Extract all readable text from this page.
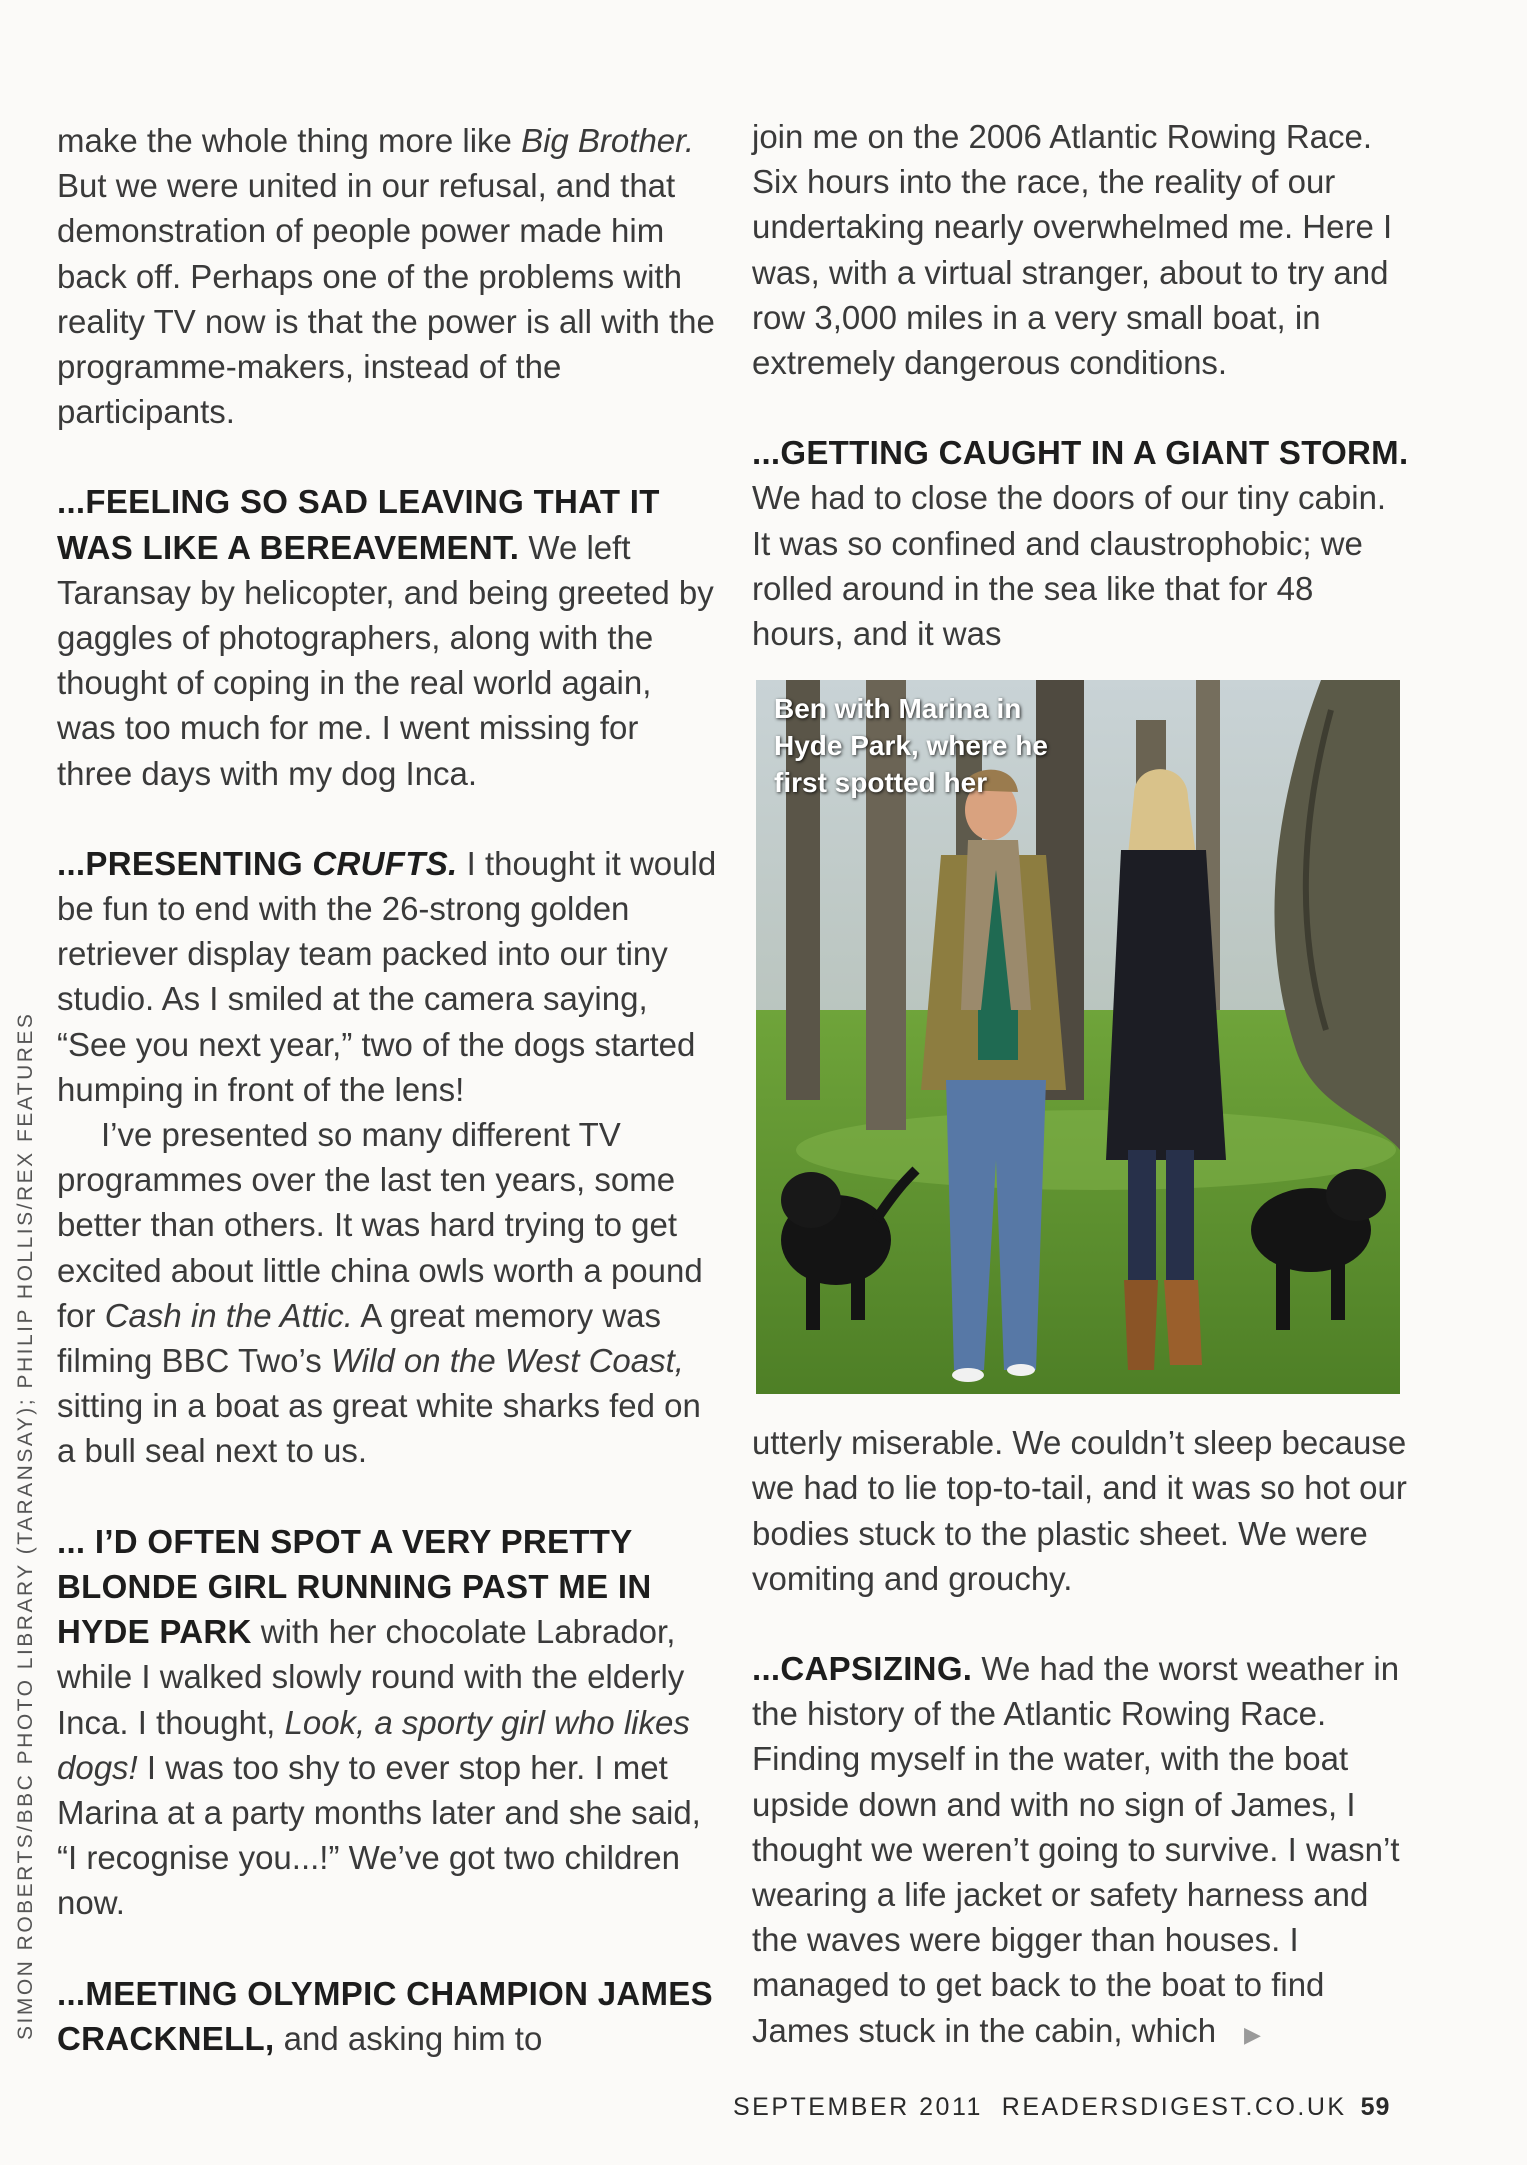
SIMON ROBERTS/BBC PHOTO LIBRARY (TARANSAY); PHILIP HOLLIS/REX FEATURES

make the whole thing more like Big Brother. But we were united in our refusal, and that demonstration of people power made him back off. Perhaps one of the problems with reality TV now is that the power is all with the programme-makers, instead of the participants.

...FEELING SO SAD LEAVING THAT IT WAS LIKE A BEREAVEMENT. We left Taransay by helicopter, and being greeted by gaggles of photographers, along with the thought of coping in the real world again, was too much for me. I went missing for three days with my dog Inca.

...PRESENTING CRUFTS. I thought it would be fun to end with the 26-strong golden retriever display team packed into our tiny studio. As I smiled at the camera saying, “See you next year,” two of the dogs started humping in front of the lens!

I’ve presented so many different TV programmes over the last ten years, some better than others. It was hard trying to get excited about little china owls worth a pound for Cash in the Attic. A great memory was filming BBC Two’s Wild on the West Coast, sitting in a boat as great white sharks fed on a bull seal next to us.

... I’D OFTEN SPOT A VERY PRETTY BLONDE GIRL RUNNING PAST ME IN HYDE PARK with her chocolate Labrador, while I walked slowly round with the elderly Inca. I thought, Look, a sporty girl who likes dogs! I was too shy to ever stop her. I met Marina at a party months later and she said, “I recognise you...!” We’ve got two children now.

...MEETING OLYMPIC CHAMPION JAMES CRACKNELL, and asking him to

join me on the 2006 Atlantic Rowing Race. Six hours into the race, the reality of our undertaking nearly overwhelmed me. Here I was, with a virtual stranger, about to try and row 3,000 miles in a very small boat, in extremely dangerous conditions.

...GETTING CAUGHT IN A GIANT STORM. We had to close the doors of our tiny cabin. It was so confined and claustrophobic; we rolled around in the sea like that for 48 hours, and it was

Ben with Marina in Hyde Park, where he first spotted her

utterly miserable. We couldn’t sleep because we had to lie top-to-tail, and it was so hot our bodies stuck to the plastic sheet. We were vomiting and grouchy.

...CAPSIZING. We had the worst weather in the history of the Atlantic Rowing Race. Finding myself in the water, with the boat upside down and with no sign of James, I thought we weren’t going to survive. I wasn’t wearing a life jacket or safety harness and the waves were bigger than houses. I managed to get back to the boat to find James stuck in the cabin, which ▶

SEPTEMBER 2011  READERSDIGEST.CO.UK 59
